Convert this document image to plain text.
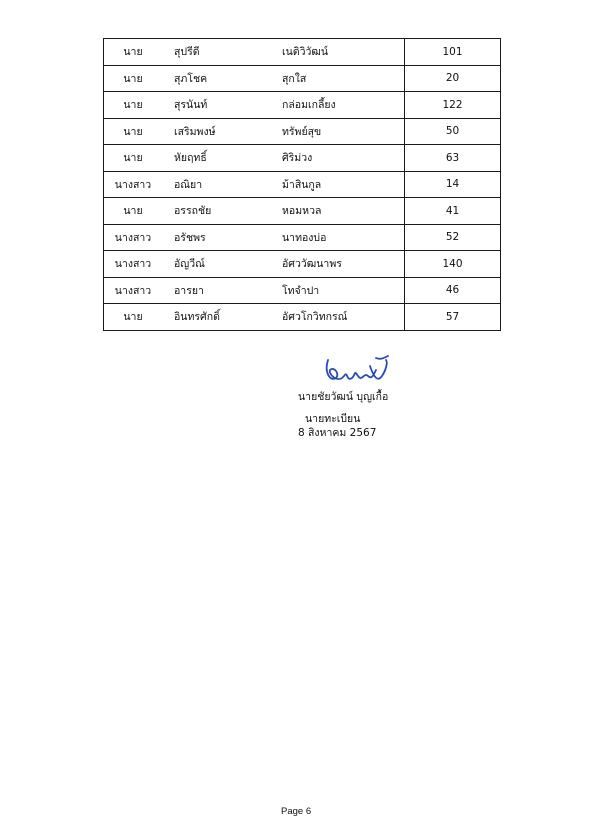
นาย	สุปรีดี	เนติวิวัฒน์	101
นาย	สุภโชค	สุกใส	20
นาย	สุรนันท์	กล่อมเกลี้ยง	122
นาย	เสริมพงษ์	ทรัพย์สุข	50
นาย	หัยฤทธิ์	ศิริม่วง	63
นางสาว	อณิยา	ม้าสินกูล	14
นาย	อรรถชัย	หอมหวล	41
นางสาว	อรัชพร	นาทองบ่อ	52
นางสาว	อัญวีณ์	อัศววัฒนาพร	140
นางสาว	อารยา	โทจำปา	46
นาย	อินทรศักดิ์	อัศวโกวิทกรณ์	57
นายชัยวัฒน์ บุญเกื้อ
นายทะเบียน
8 สิงหาคม 2567
Page 6
